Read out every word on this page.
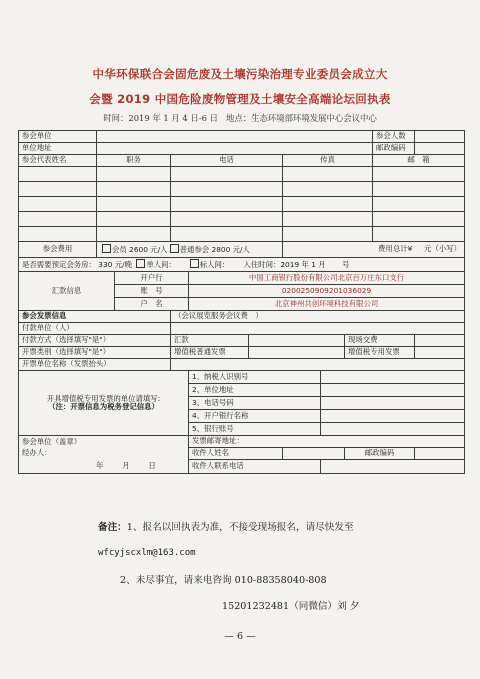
中华环保联合会固危废及土壤污染治理专业委员会成立大
会暨 2019 中国危险废物管理及土壤安全高端论坛回执表
时间：2019 年 1 月 4 日-6 日 地点：生态环境部环境发展中心会议中心
参会单位									参会人数	
单位地址									邮政编码	
参会代表姓名	职务		电话			传真			邮　箱	

参会费用	会员 2600 元/人 普通参会 2800 元/人					费用总计¥ 元（小写）				
是否需要预定会务房： 330 元/晚 单人间： 标人间： 入住时间：2019 年 1 月 号										
汇款信息		开户行		中国工商银行股份有限公司北京百万庄东口支行						
		账　号		0200250909201036029						
		户　名		北京神州共创环境科技有限公司						
参会发票信息			（会议展览服务会议费　）							
付款单位（人）										
付款方式（选择填写"是"）			汇款					现场交费		
开票类别（选择填写"是"）			增值税普通发票					增值税专用发票		
开票单位名称（发票抬头）										

开具增值税专用发票的单位请填写:
（注：开票信息为税务登记信息）				1、纳税人识别号						
				2、单位地址						
				3、电话号码						
				4、开户银行名称						
				5、银行账号						

参会单位（盖章）
经办人：
年 月 日				发票邮寄地址：						
				收件人姓名				邮政编码		
				收件人联系电话						
备注：1、报名以回执表为准，不接受现场报名，请尽快发至
wfcyjscxlm@163.com
2、未尽事宜，请来电咨询 010-88358040-808
15201232481（同微信）刘 夕
— 6 —
